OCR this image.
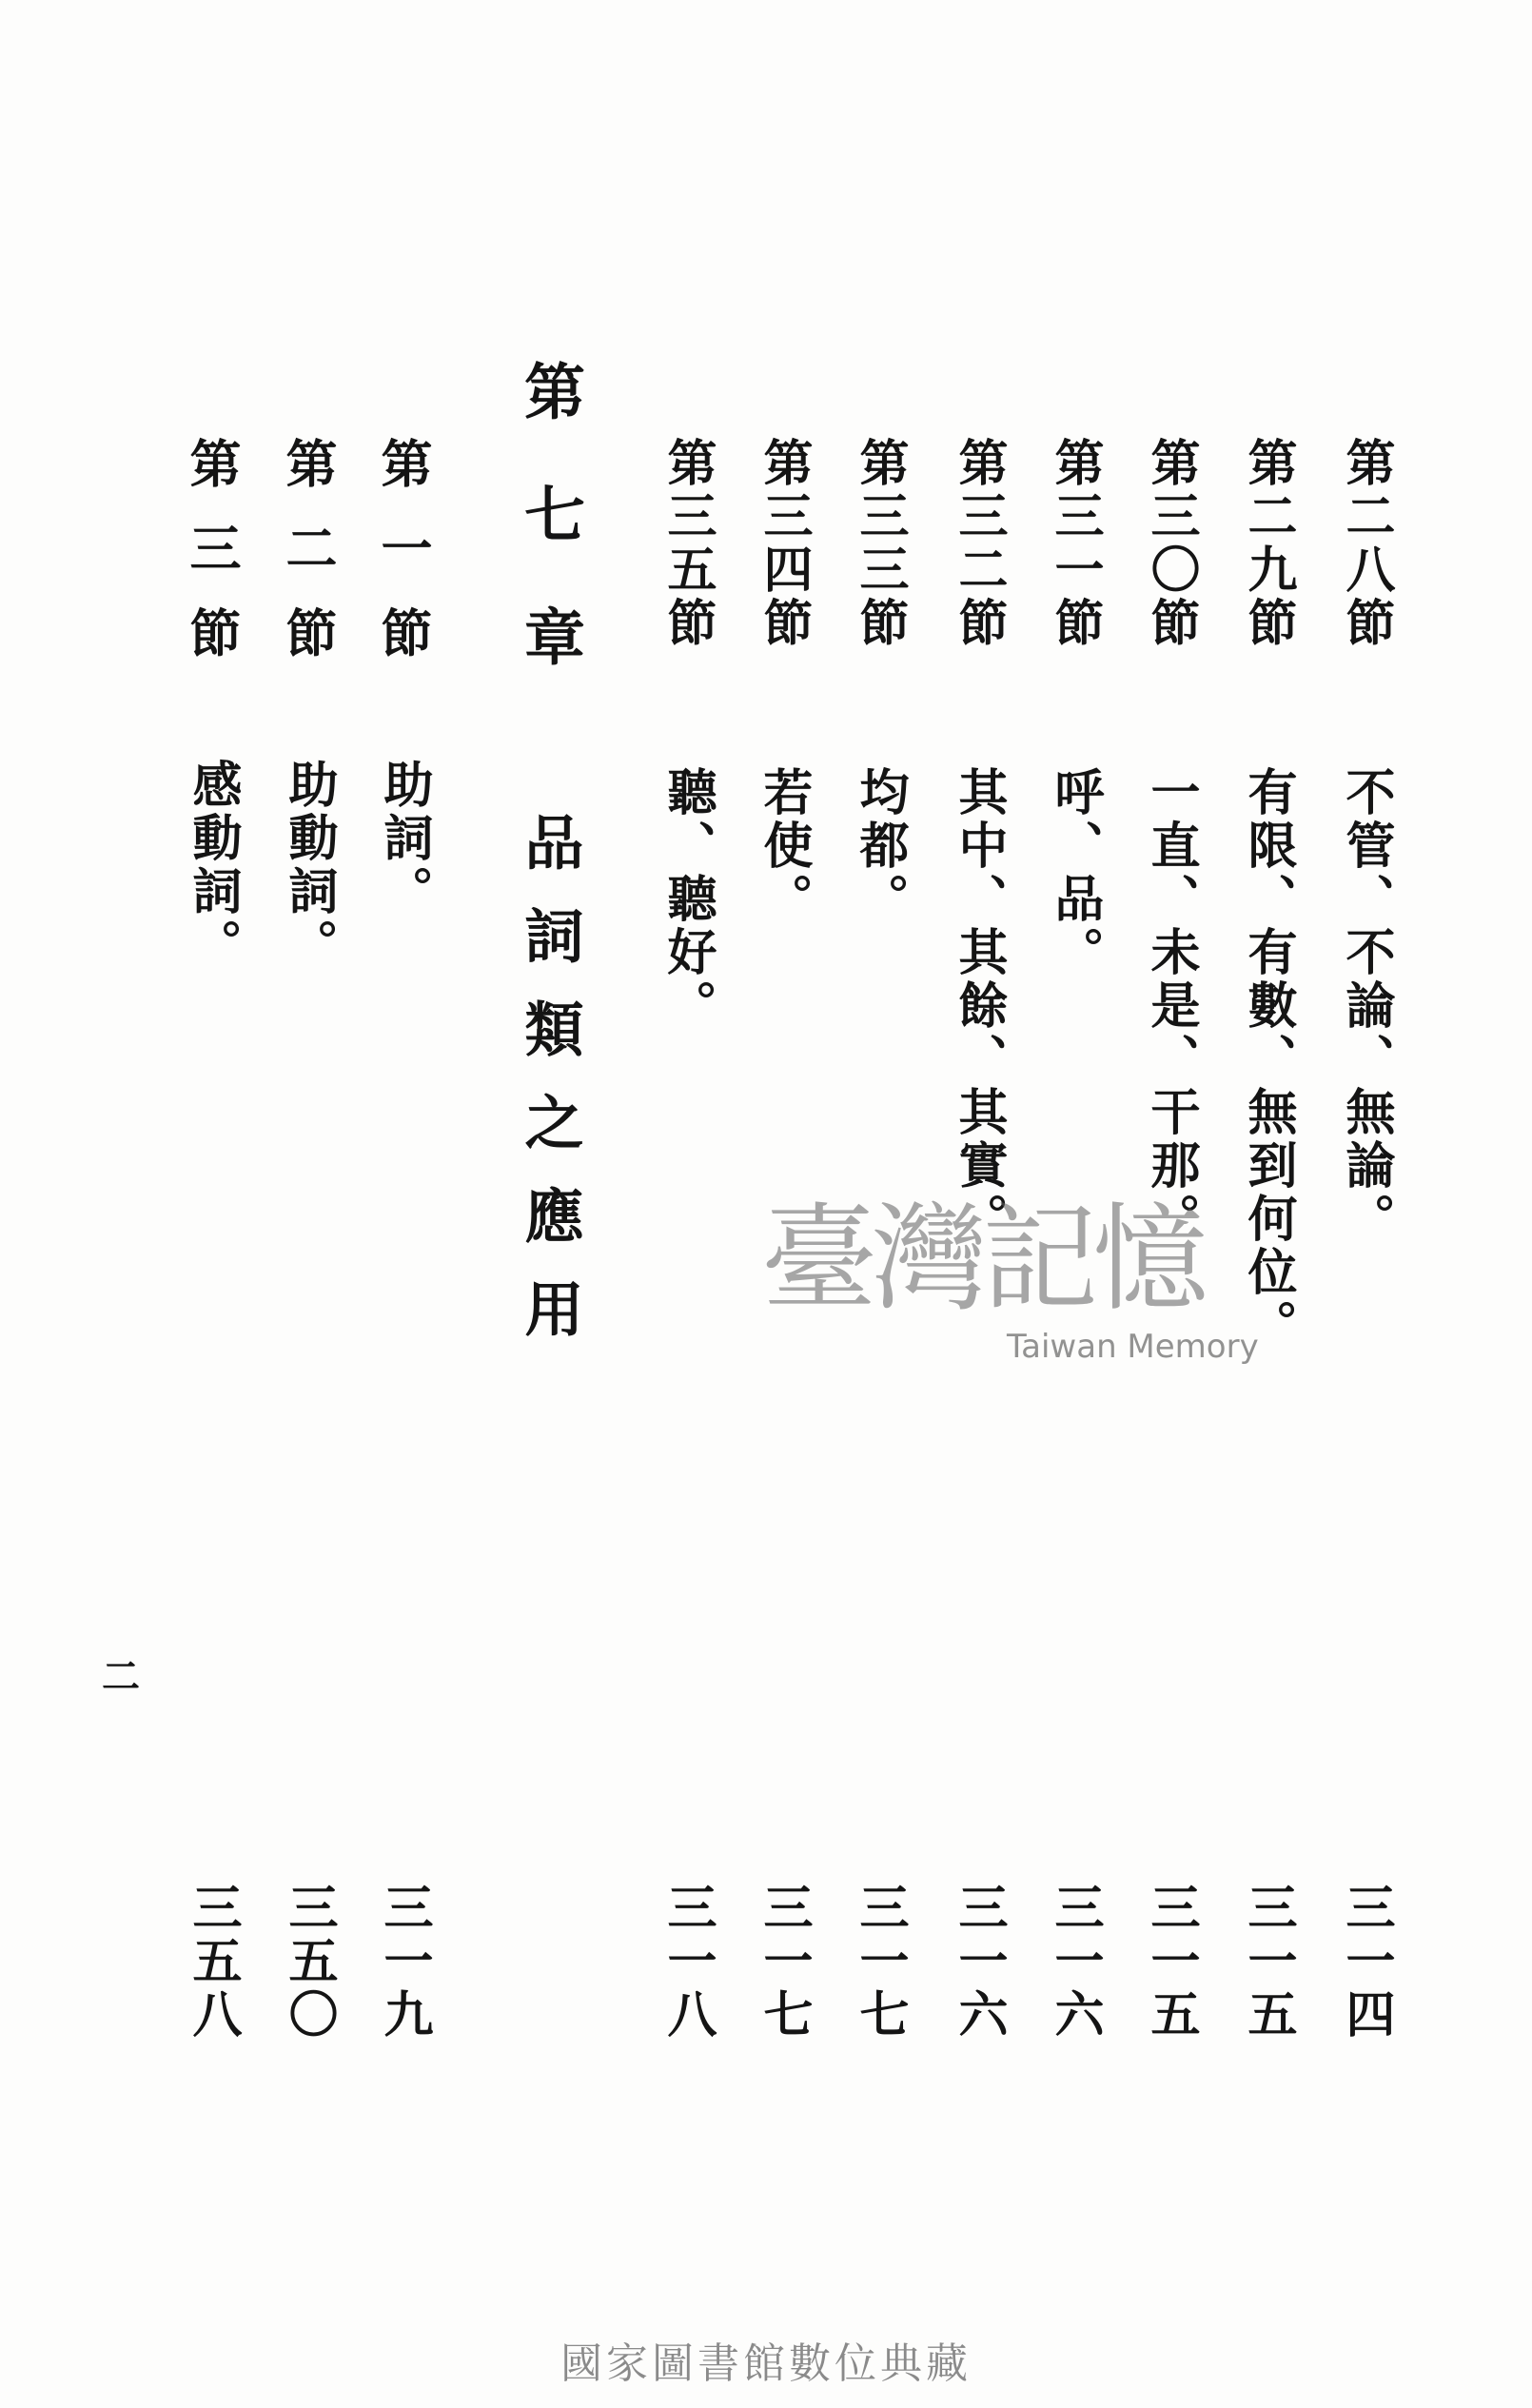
第二八節
不管、不論、無論。
三一四
第二九節
有限、有數、無到何位。
三一五
第三〇節
一直、未是、干那。
三一五
第三一節
呼、品。
三一六
第三二節
其中、其餘、其實。
三一六
第三三節
均都。
三一七
第三四節
若使。
三一七
第三五節
聽、聽好。
三一八
第七章
品詞類之應用
第一節
助詞。
三一九
第二節
助動詞。
三五〇
第三節
感動詞。
三五八
二
臺灣記憶
Taiwan Memory
國家圖書館數位典藏
